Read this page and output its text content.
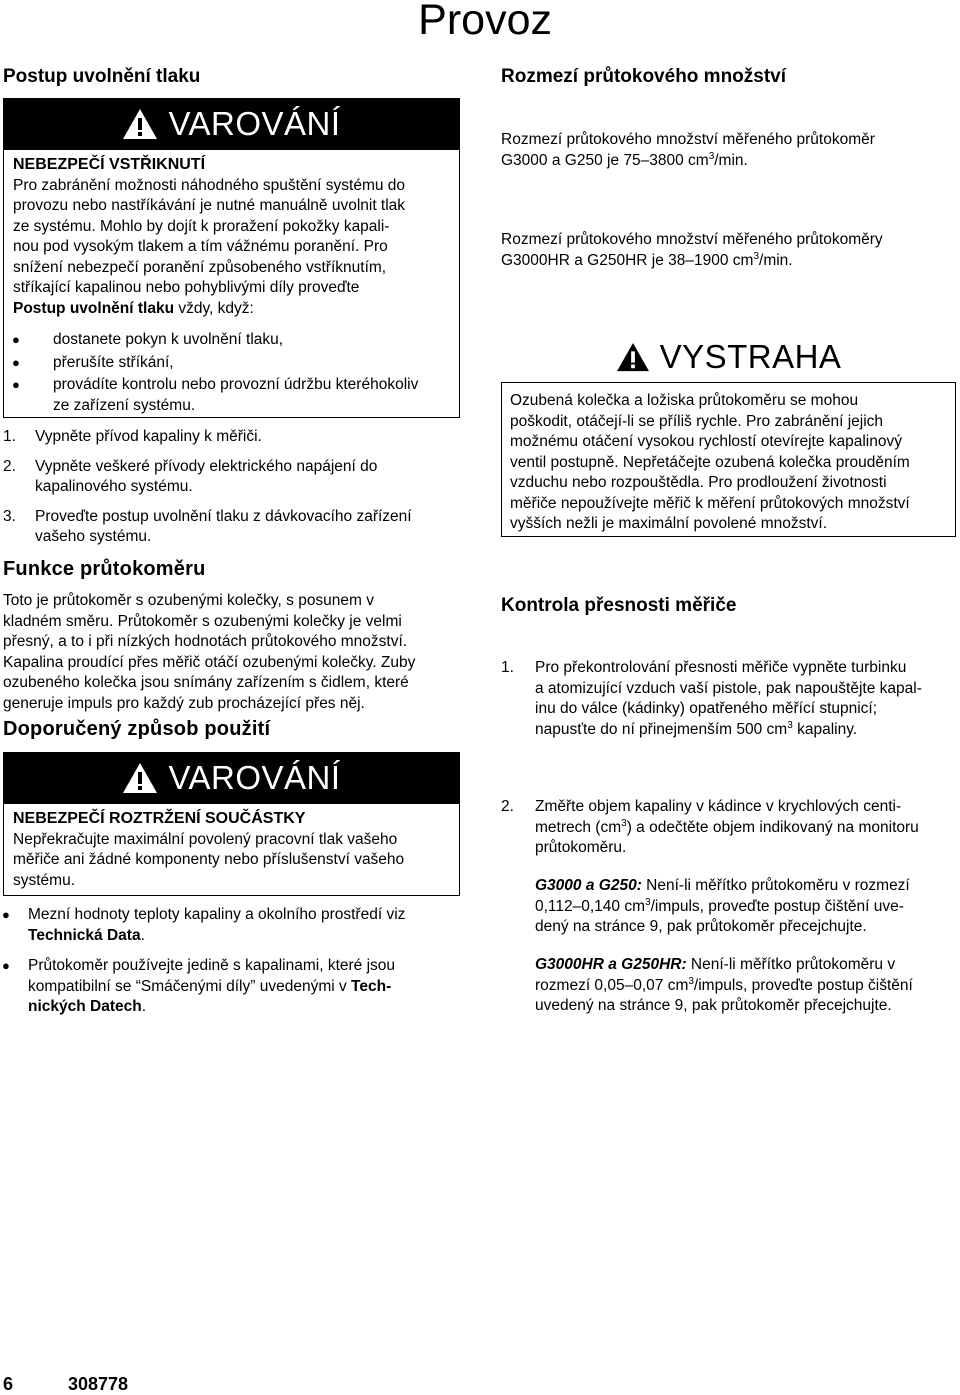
Provoz
Postup uvolnění tlaku
VAROVÁNÍ
NEBEZPEČÍ VSTŘIKNUTÍ
Pro zabránění možnosti náhodného spuštění systému do
provozu nebo nastříkávání je nutné manuálně uvolnit tlak
ze systému. Mohlo by dojít k proražení pokožky kapali-
nou pod vysokým tlakem a tím vážnému poranění. Pro
snížení nebezpečí poranění způsobeného vstříknutím,
stříkající kapalinou nebo pohyblivými díly proveďte
Postup uvolnění tlaku vždy, když:
● dostanete pokyn k uvolnění tlaku,
● přerušíte stříkání,
● provádíte kontrolu nebo provozní údržbu kteréhokoliv
ze zařízení systému.
1. Vypněte přívod kapaliny k měřiči.
2. Vypněte veškeré přívody elektrického napájení do
kapalinového systému.
3. Proveďte postup uvolnění tlaku z dávkovacího zařízení
vašeho systému.
Funkce průtokoměru
Toto je průtokoměr s ozubenými kolečky, s posunem v
kladném směru. Průtokoměr s ozubenými kolečky je velmi
přesný, a to i při nízkých hodnotách průtokového množství.
Kapalina proudící přes měřič otáčí ozubenými kolečky. Zuby
ozubeného kolečka jsou snímány zařízením s čidlem, které
generuje impuls pro každý zub procházející přes něj.
Doporučený způsob použití
VAROVÁNÍ
NEBEZPEČÍ ROZTRŽENÍ SOUČÁSTKY
Nepřekračujte maximální povolený pracovní tlak vašeho
měřiče ani žádné komponenty nebo příslušenství vašeho
systému.
● Mezní hodnoty teploty kapaliny a okolního prostředí viz
Technická Data.
● Průtokoměr používejte jedině s kapalinami, které jsou
kompatibilní se “Smáčenými díly” uvedenými v Tech-
nických Datech.
Rozmezí průtokového množství
Rozmezí průtokového množství měřeného průtokoměr
G3000 a G250 je 75–3800 $cm^3/\min$.
Rozmezí průtokového množství měřeného průtokoměry
G3000HR a G250HR je 38–1900 $cm^3/\min$.
VYSTRAHA
Ozubená kolečka a ložiska průtokoměru se mohou
poškodit, otáčejí-li se příliš rychle. Pro zabránění jejich
možnému otáčení vysokou rychlostí otevírejte kapalinový
ventil postupně. Nepřetáčejte ozubená kolečka prouděním
vzduchu nebo rozpouštědla. Pro prodloužení životnosti
měřiče nepoužívejte měřič k měření průtokových množství
vyšších nežli je maximální povolené množství.
Kontrola přesnosti měřiče
1. Pro překontrolování přesnosti měřiče vypněte turbinku
a atomizující vzduch vaší pistole, pak napouštějte kapal-
inu do válce (kádinky) opatřeného měřící stupnicí;
napusťte do ní přinejmenším 500 $cm^3$ kapaliny.
2. Změřte objem kapaliny v kádince v krychlových centi-
metrech $(cm^3)$ a odečtěte objem indikovaný na monitoru
průtokoměru.
G3000 a G250: Není-li měřítko průtokoměru v rozmezí
0,112–0,140 $cm^3$/impuls, proveďte postup čištění uve-
dený na stránce 9, pak průtokoměr přecejchujte.
G3000HR a G250HR: Není-li měřítko průtokoměru v
rozmezí 0,05–0,07 $cm^3$/impuls, proveďte postup čištění
uvedený na stránce 9, pak průtokoměr přecejchujte.
6	308778
